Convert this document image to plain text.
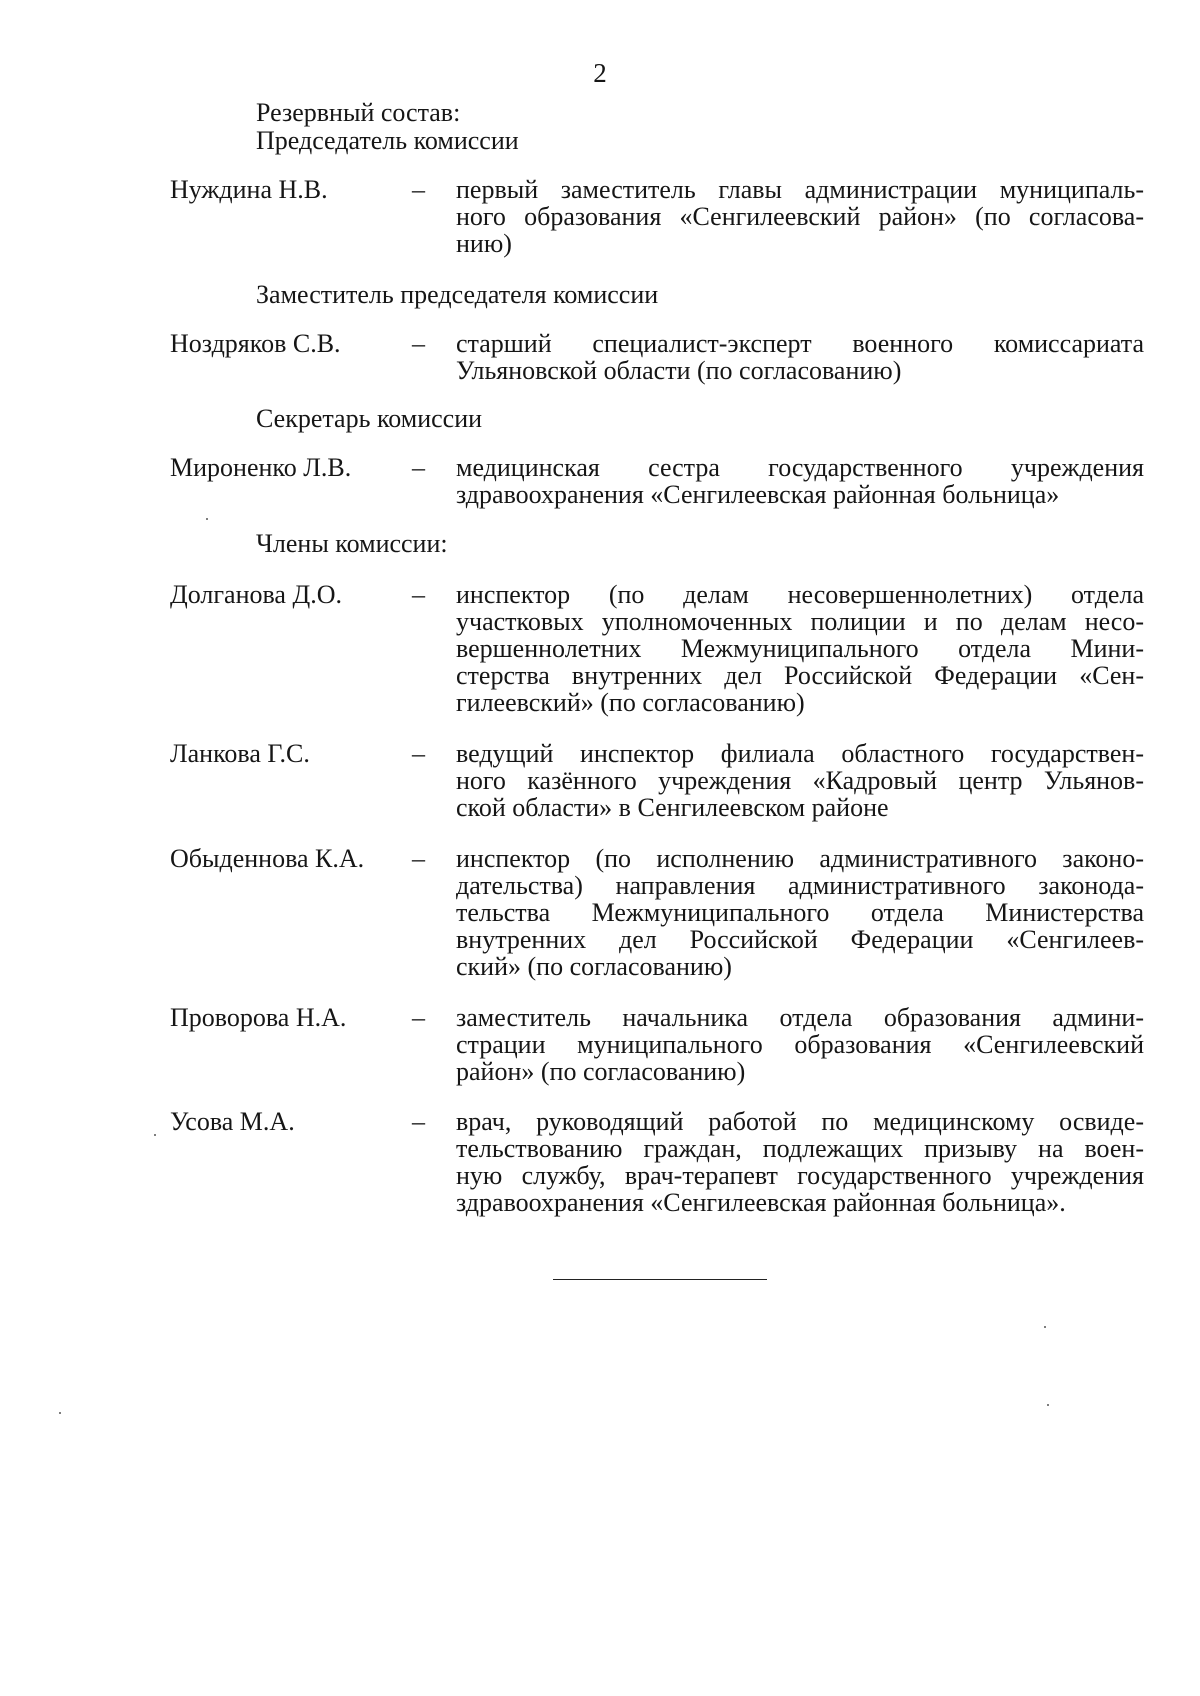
2
Резервный состав:
Председатель комиссии
Нуждина Н.В.	– первый заместитель главы администрации муниципаль-
ного образования «Сенгилеевский район» (по согласова-
нию)
Заместитель председателя комиссии
Ноздряков С.В.	– старший специалист-эксперт военного комиссариата
Ульяновской области (по согласованию)
Секретарь комиссии
Мироненко Л.В. – медицинская сестра государственного учреждения
здравоохранения «Сенгилеевская районная больница»
Члены комиссии:
Долганова Д.О.	– инспектор (по делам несовершеннолетних) отдела
участковых уполномоченных полиции и по делам несо-
вершеннолетних Межмуниципального отдела Мини-
стерства внутренних дел Российской Федерации «Сен-
гилеевский» (по согласованию)
Ланкова Г.С.	– ведущий инспектор филиала областного государствен-
ного казённого учреждения «Кадровый центр Ульянов-
ской области» в Сенгилеевском районе
Обыденнова К.А. – инспектор (по исполнению административного законо-
дательства) направления административного законода-
тельства Межмуниципального отдела Министерства
внутренних дел Российской Федерации «Сенгилеев-
ский» (по согласованию)
Проворова Н.А.	– заместитель начальника отдела образования админи-
страции муниципального образования «Сенгилеевский
район» (по согласованию)
Усова М.А.	– врач, руководящий работой по медицинскому освиде-
тельствованию граждан, подлежащих призыву на воен-
ную службу, врач-терапевт государственного учреждения
здравоохранения «Сенгилеевская районная больница».
